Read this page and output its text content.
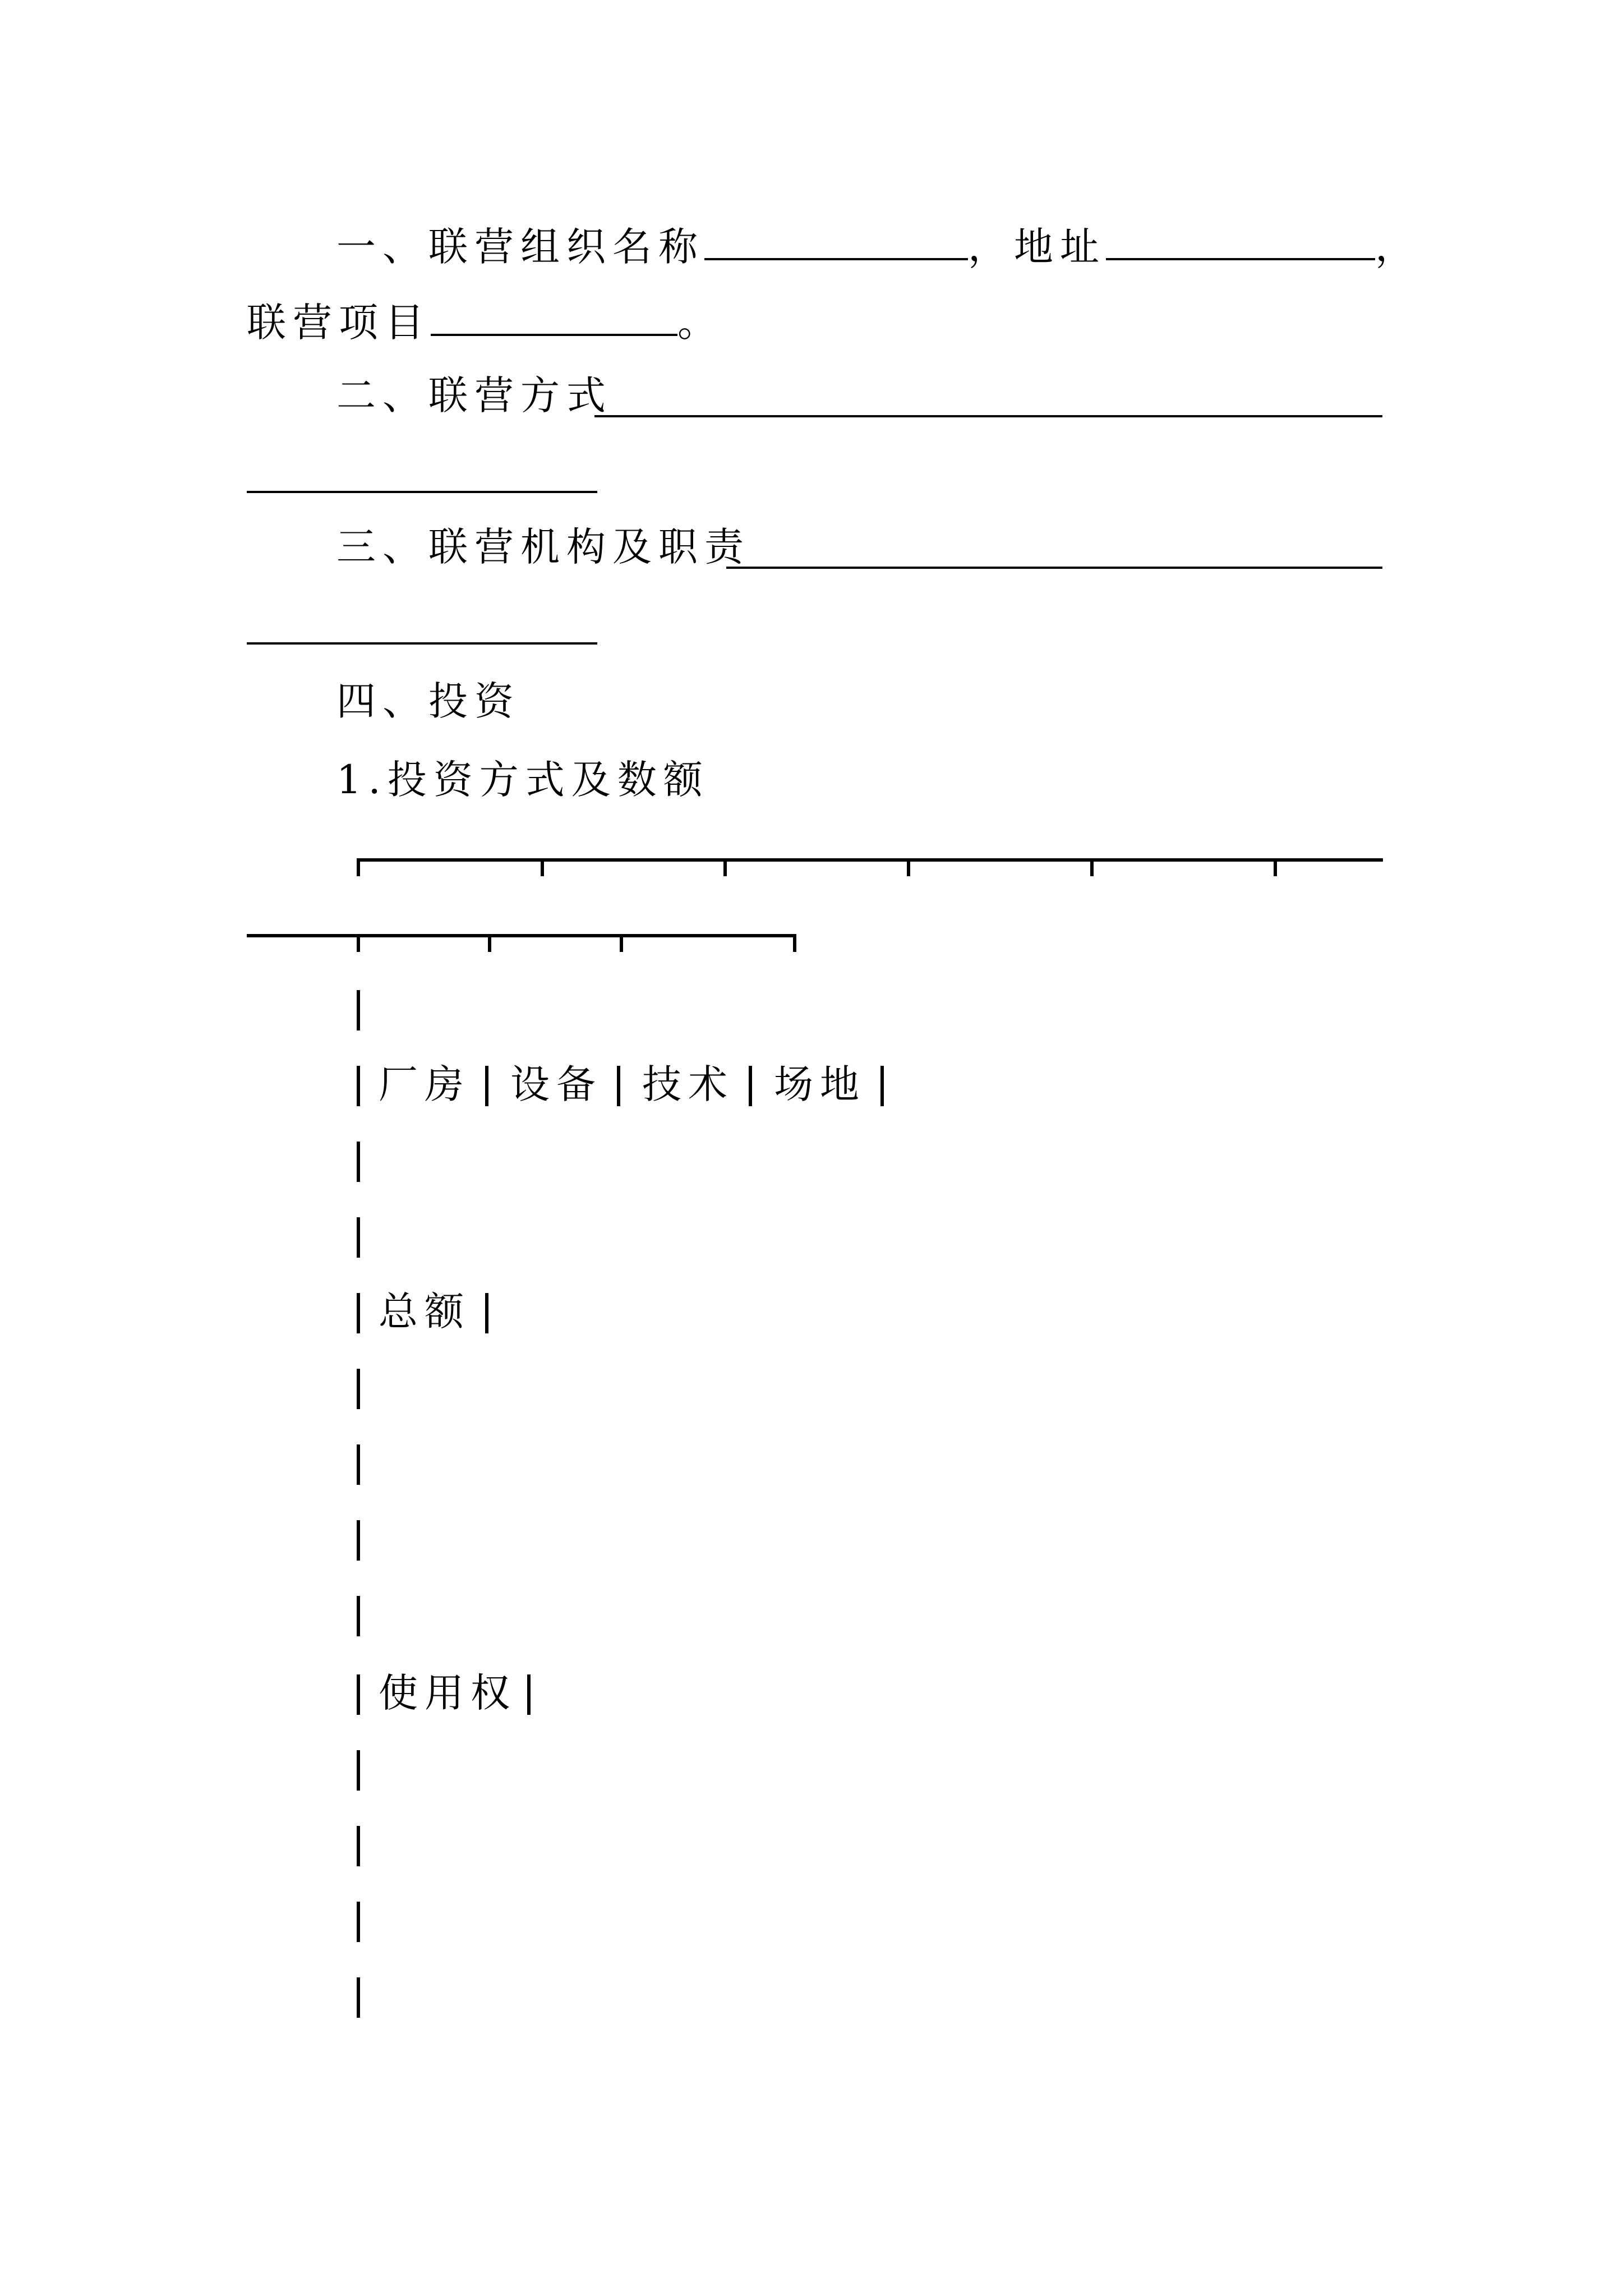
一、联营组织名称	，地址	，
联营项目	。
二、联营方式
三、联营机构及职责
四、投资
1.投资方式及数额
厂房 设备 技术 场地
总额
使用权
